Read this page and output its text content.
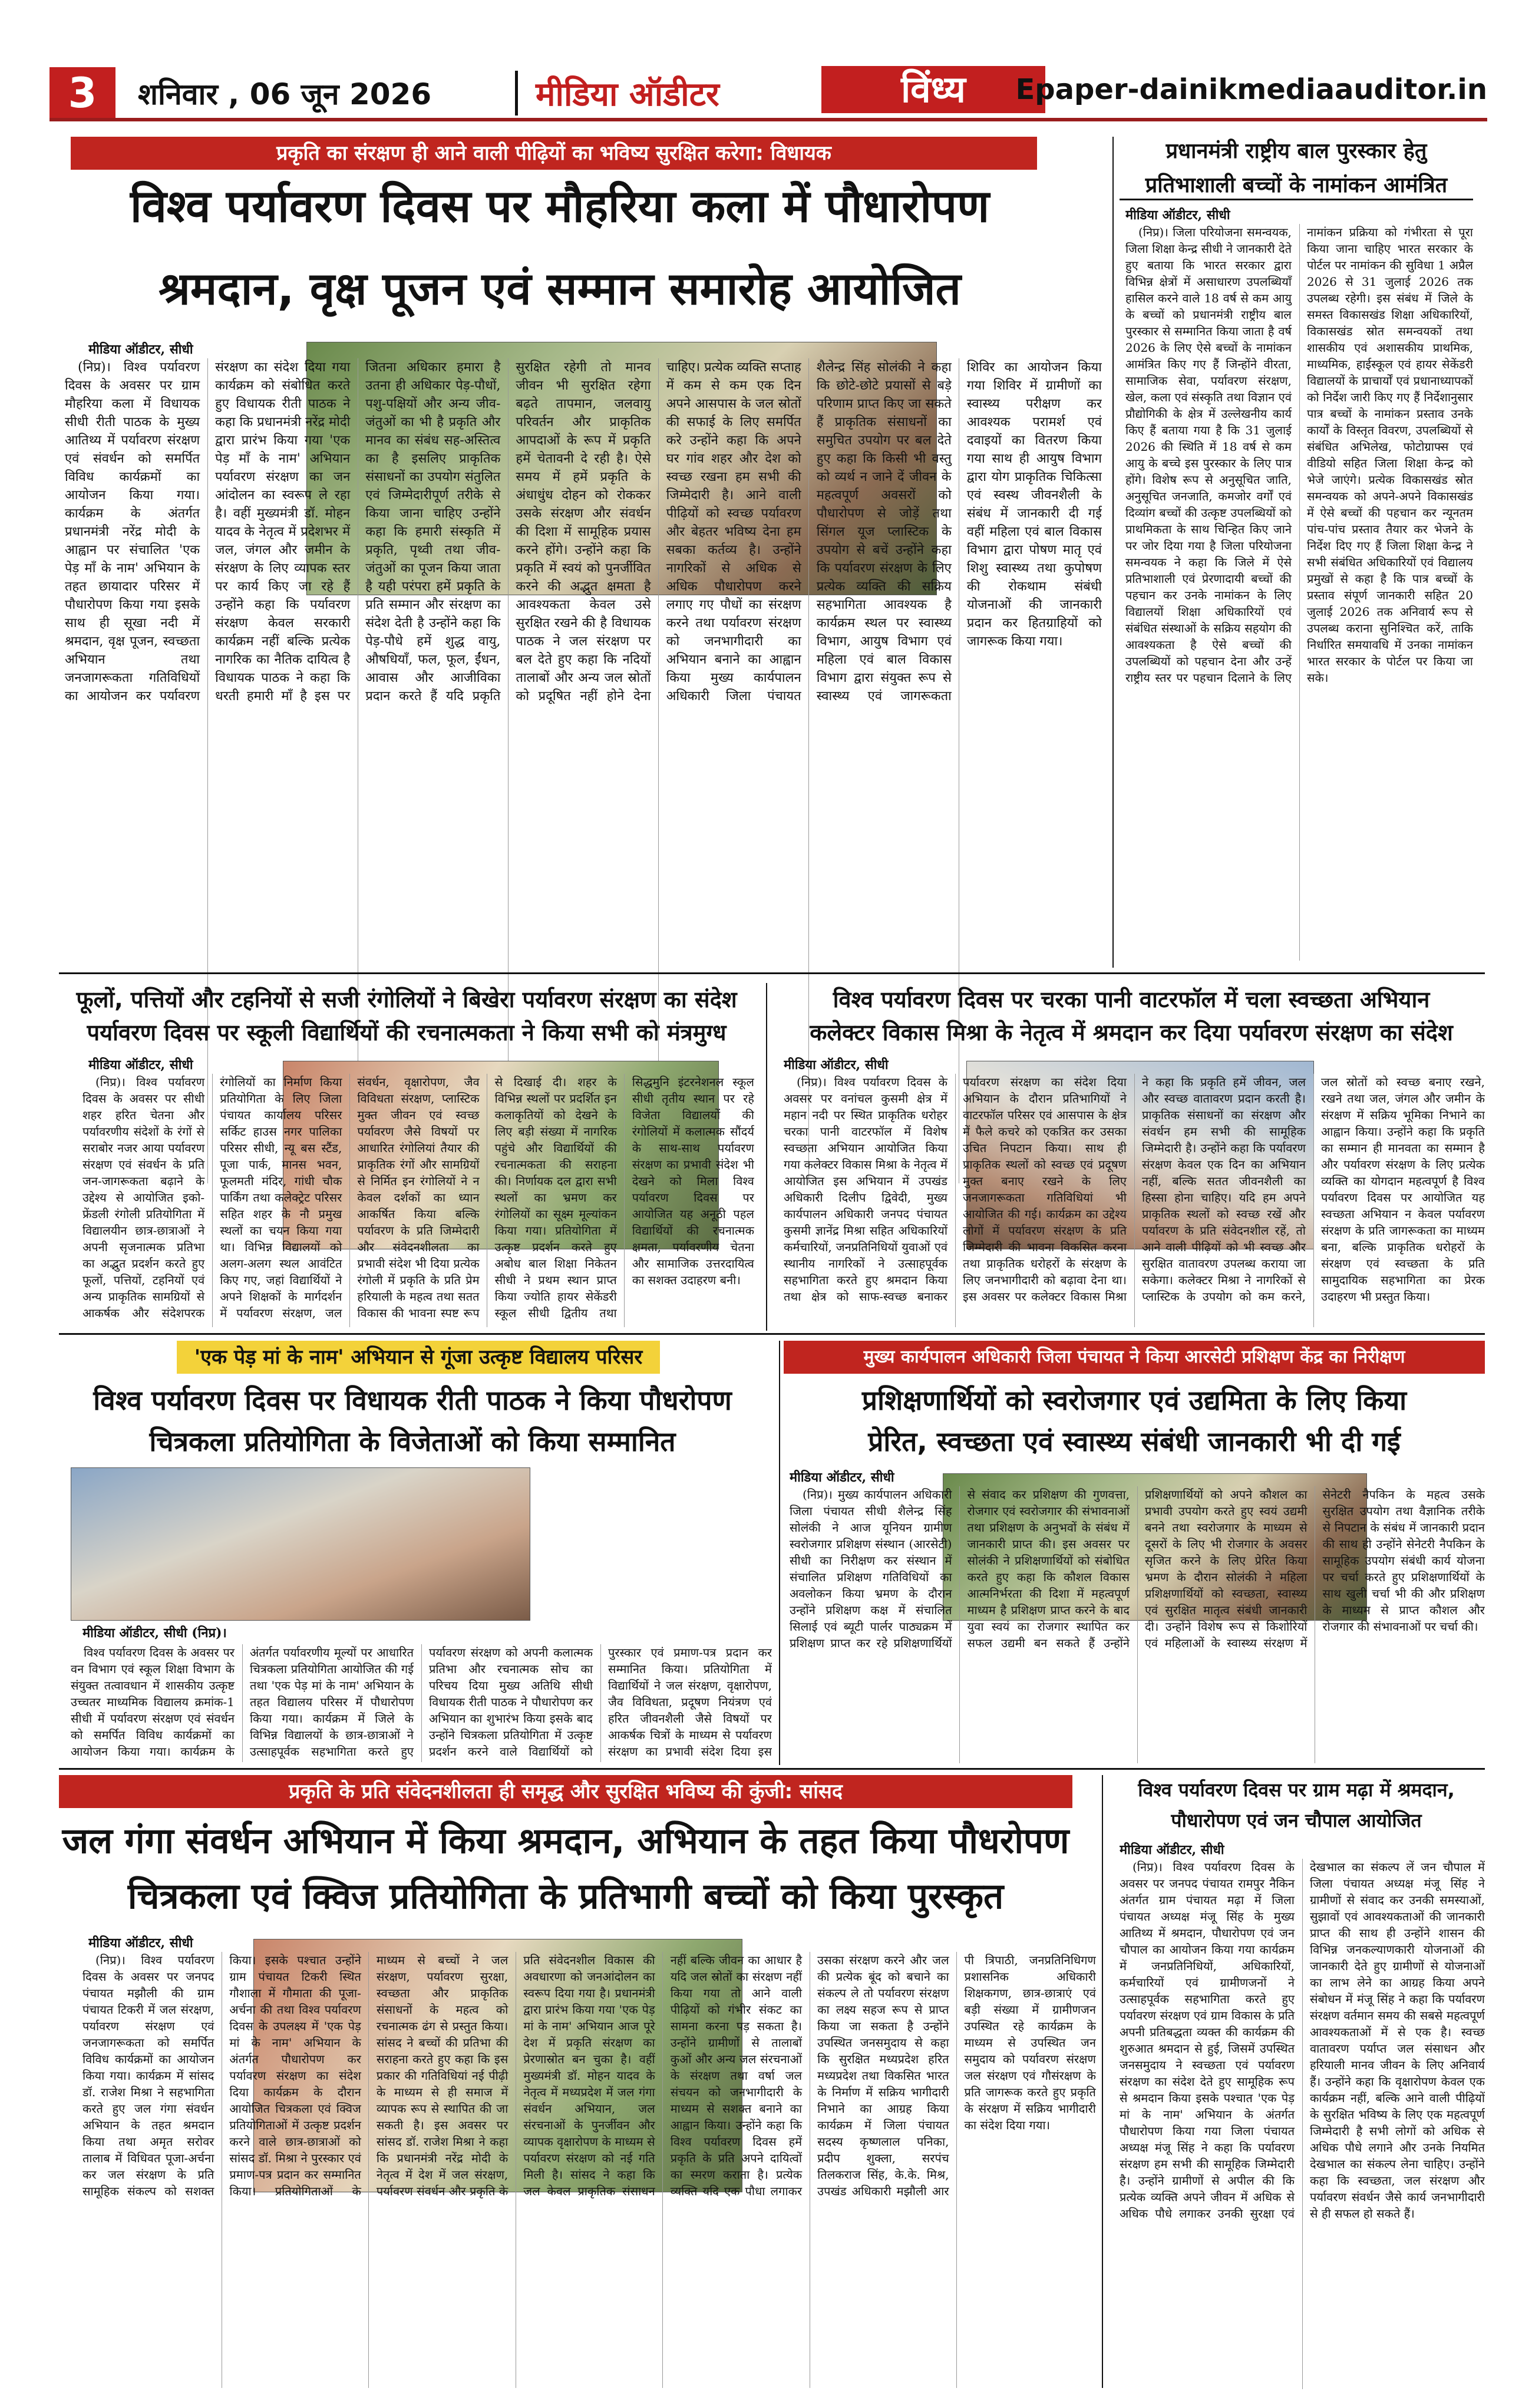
3	शनिवार , 06 जून 2026	मीडिया ऑडीटर	विंध्य	Epaper-dainikmediaauditor.in
प्रकृति का संरक्षण ही आने वाली पीढ़ियों का भविष्य सुरक्षित करेगा: विधायक
विश्व पर्यावरण दिवस पर मौहरिया कला में पौधारोपण
श्रमदान, वृक्ष पूजन एवं सम्मान समारोह आयोजित
मीडिया ऑडीटर, सीधी

(निप्र)। विश्व पर्यावरण दिवस के अवसर पर ग्राम मौहरिया कला में विधायक सीधी रीती पाठक के मुख्य आतिथ्य में पर्यावरण संरक्षण एवं संवर्धन को समर्पित विविध कार्यक्रमों का आयोजन किया गया। कार्यक्रम के अंतर्गत प्रधानमंत्री नरेंद्र मोदी के आह्वान पर संचालित 'एक पेड़ माँ के नाम' अभियान के तहत छायादार परिसर में पौधारोपण किया गया इसके साथ ही सूखा नदी में श्रमदान, वृक्ष पूजन, स्वच्छता अभियान तथा जनजागरूकता गतिविधियों का आयोजन कर पर्यावरण संरक्षण का संदेश दिया गया कार्यक्रम को संबोधित करते हुए विधायक रीती पाठक ने कहा कि प्रधानमंत्री नरेंद्र मोदी द्वारा प्रारंभ किया गया 'एक पेड़ माँ के नाम' अभियान पर्यावरण संरक्षण का जन आंदोलन का स्वरूप ले रहा है। वहीं मुख्यमंत्री डॉ. मोहन यादव के नेतृत्व में प्रदेशभर में जल, जंगल और जमीन के संरक्षण के लिए व्यापक स्तर पर कार्य किए जा रहे हैं उन्होंने कहा कि पर्यावरण संरक्षण केवल सरकारी कार्यक्रम नहीं बल्कि प्रत्येक नागरिक का नैतिक दायित्व है विधायक पाठक ने कहा कि धरती हमारी माँ है इस पर जितना अधिकार हमारा है उतना ही अधिकार पेड़-पौधों, पशु-पक्षियों और अन्य जीव-जंतुओं का भी है प्रकृति और मानव का संबंध सह-अस्तित्व का है इसलिए प्राकृतिक संसाधनों का उपयोग संतुलित एवं जिम्मेदारीपूर्ण तरीके से किया जाना चाहिए उन्होंने कहा कि हमारी संस्कृति में प्रकृति, पृथ्वी तथा जीव-जंतुओं का पूजन किया जाता है यही परंपरा हमें प्रकृति के प्रति सम्मान और संरक्षण का संदेश देती है उन्होंने कहा कि पेड़-पौधे हमें शुद्ध वायु, औषधियाँ, फल, फूल, ईंधन, आवास और आजीविका प्रदान करते हैं यदि प्रकृति सुरक्षित रहेगी तो मानव जीवन भी सुरक्षित रहेगा बढ़ते तापमान, जलवायु परिवर्तन और प्राकृतिक आपदाओं के रूप में प्रकृति हमें चेतावनी दे रही है। ऐसे समय में हमें प्रकृति के अंधाधुंध दोहन को रोककर उसके संरक्षण और संवर्धन की दिशा में सामूहिक प्रयास करने होंगे। उन्होंने कहा कि प्रकृति में स्वयं को पुनर्जीवित करने की अद्भुत क्षमता है आवश्यकता केवल उसे सुरक्षित रखने की है विधायक पाठक ने जल संरक्षण पर बल देते हुए कहा कि नदियों तालाबों और अन्य जल स्रोतों को प्रदूषित नहीं होने देना चाहिए। प्रत्येक व्यक्ति सप्ताह में कम से कम एक दिन अपने आसपास के जल स्रोतों की सफाई के लिए समर्पित करे उन्होंने कहा कि अपने घर गांव शहर और देश को स्वच्छ रखना हम सभी की जिम्मेदारी है। आने वाली पीढ़ियों को स्वच्छ पर्यावरण और बेहतर भविष्य देना हम सबका कर्तव्य है। उन्होंने नागरिकों से अधिक से अधिक पौधारोपण करने लगाए गए पौधों का संरक्षण करने तथा पर्यावरण संरक्षण को जनभागीदारी का अभियान बनाने का आह्वान किया मुख्य कार्यपालन अधिकारी जिला पंचायत शैलेन्द्र सिंह सोलंकी ने कहा कि छोटे-छोटे प्रयासों से बड़े परिणाम प्राप्त किए जा सकते हैं प्राकृतिक संसाधनों का समुचित उपयोग पर बल देते हुए कहा कि किसी भी वस्तु को व्यर्थ न जाने दें जीवन के महत्वपूर्ण अवसरों को पौधारोपण से जोड़ें तथा सिंगल यूज प्लास्टिक के उपयोग से बचें उन्होंने कहा कि पर्यावरण संरक्षण के लिए प्रत्येक व्यक्ति की सक्रिय सहभागिता आवश्यक है कार्यक्रम स्थल पर स्वास्थ्य विभाग, आयुष विभाग एवं महिला एवं बाल विकास विभाग द्वारा संयुक्त रूप से स्वास्थ्य एवं जागरूकता शिविर का आयोजन किया गया शिविर में ग्रामीणों का स्वास्थ्य परीक्षण कर आवश्यक परामर्श एवं दवाइयों का वितरण किया गया साथ ही आयुष विभाग द्वारा योग प्राकृतिक चिकित्सा एवं स्वस्थ जीवनशैली के संबंध में जानकारी दी गई वहीं महिला एवं बाल विकास विभाग द्वारा पोषण मातृ एवं शिशु स्वास्थ्य तथा कुपोषण की रोकथाम संबंधी योजनाओं की जानकारी प्रदान कर हितग्राहियों को जागरूक किया गया।

प्रधानमंत्री राष्ट्रीय बाल पुरस्कार हेतु
प्रतिभाशाली बच्चों के नामांकन आमंत्रित
मीडिया ऑडीटर, सीधी

(निप्र)। जिला परियोजना समन्वयक, जिला शिक्षा केन्द्र सीधी ने जानकारी देते हुए बताया कि भारत सरकार द्वारा विभिन्न क्षेत्रों में असाधारण उपलब्धियाँ हासिल करने वाले 18 वर्ष से कम आयु के बच्चों को प्रधानमंत्री राष्ट्रीय बाल पुरस्कार से सम्मानित किया जाता है वर्ष 2026 के लिए ऐसे बच्चों के नामांकन आमंत्रित किए गए हैं जिन्होंने वीरता, सामाजिक सेवा, पर्यावरण संरक्षण, खेल, कला एवं संस्कृति तथा विज्ञान एवं प्रौद्योगिकी के क्षेत्र में उल्लेखनीय कार्य किए हैं बताया गया है कि 31 जुलाई 2026 की स्थिति में 18 वर्ष से कम आयु के बच्चे इस पुरस्कार के लिए पात्र होंगे। विशेष रूप से अनुसूचित जाति, अनुसूचित जनजाति, कमजोर वर्गों एवं दिव्यांग बच्चों की उत्कृष्ट उपलब्धियों को प्राथमिकता के साथ चिन्हित किए जाने पर जोर दिया गया है जिला परियोजना समन्वयक ने कहा कि जिले में ऐसे प्रतिभाशाली एवं प्रेरणादायी बच्चों की पहचान कर उनके नामांकन के लिए विद्यालयों शिक्षा अधिकारियों एवं संबंधित संस्थाओं के सक्रिय सहयोग की आवश्यकता है ऐसे बच्चों की उपलब्धियों को पहचान देना और उन्हें राष्ट्रीय स्तर पर पहचान दिलाने के लिए नामांकन प्रक्रिया को गंभीरता से पूरा किया जाना चाहिए भारत सरकार के पोर्टल पर नामांकन की सुविधा 1 अप्रैल 2026 से 31 जुलाई 2026 तक उपलब्ध रहेगी। इस संबंध में जिले के समस्त विकासखंड शिक्षा अधिकारियों, विकासखंड स्रोत समन्वयकों तथा शासकीय एवं अशासकीय प्राथमिक, माध्यमिक, हाईस्कूल एवं हायर सेकेंडरी विद्यालयों के प्राचार्यों एवं प्रधानाध्यापकों को निर्देश जारी किए गए हैं निर्देशानुसार पात्र बच्चों के नामांकन प्रस्ताव उनके कार्यों के विस्तृत विवरण, उपलब्धियों से संबंधित अभिलेख, फोटोग्राफ्स एवं वीडियो सहित जिला शिक्षा केन्द्र को भेजे जाएंगे। प्रत्येक विकासखंड स्रोत समन्वयक को अपने-अपने विकासखंड में ऐसे बच्चों की पहचान कर न्यूनतम पांच-पांच प्रस्ताव तैयार कर भेजने के निर्देश दिए गए हैं जिला शिक्षा केन्द्र ने सभी संबंधित अधिकारियों एवं विद्यालय प्रमुखों से कहा है कि पात्र बच्चों के प्रस्ताव संपूर्ण जानकारी सहित 20 जुलाई 2026 तक अनिवार्य रूप से उपलब्ध कराना सुनिश्चित करें, ताकि निर्धारित समयावधि में उनका नामांकन भारत सरकार के पोर्टल पर किया जा सके।

फूलों, पत्तियों और टहनियों से सजी रंगोलियों ने बिखेरा पर्यावरण संरक्षण का संदेश
पर्यावरण दिवस पर स्कूली विद्यार्थियों की रचनात्मकता ने किया सभी को मंत्रमुग्ध
मीडिया ऑडीटर, सीधी

(निप्र)। विश्व पर्यावरण दिवस के अवसर पर सीधी शहर हरित चेतना और पर्यावरणीय संदेशों के रंगों से सराबोर नजर आया पर्यावरण संरक्षण एवं संवर्धन के प्रति जन-जागरूकता बढ़ाने के उद्देश्य से आयोजित इको-फ्रेंडली रंगोली प्रतियोगिता में विद्यालयीन छात्र-छात्राओं ने अपनी सृजनात्मक प्रतिभा का अद्भुत प्रदर्शन करते हुए फूलों, पत्तियों, टहनियों एवं अन्य प्राकृतिक सामग्रियों से आकर्षक और संदेशपरक रंगोलियों का निर्माण किया प्रतियोगिता के लिए जिला पंचायत कार्यालय परिसर सर्किट हाउस नगर पालिका परिसर सीधी, न्यू बस स्टैंड, पूजा पार्क, मानस भवन, फूलमती मंदिर, गांधी चौक पार्किंग तथा कलेक्ट्रेट परिसर सहित शहर के नौ प्रमुख स्थलों का चयन किया गया था। विभिन्न विद्यालयों को अलग-अलग स्थल आवंटित किए गए, जहां विद्यार्थियों ने अपने शिक्षकों के मार्गदर्शन में पर्यावरण संरक्षण, जल संवर्धन, वृक्षारोपण, जैव विविधता संरक्षण, प्लास्टिक मुक्त जीवन एवं स्वच्छ पर्यावरण जैसे विषयों पर आधारित रंगोलियां तैयार की प्राकृतिक रंगों और सामग्रियों से निर्मित इन रंगोलियों ने न केवल दर्शकों का ध्यान आकर्षित किया बल्कि पर्यावरण के प्रति जिम्मेदारी और संवेदनशीलता का प्रभावी संदेश भी दिया प्रत्येक रंगोली में प्रकृति के प्रति प्रेम हरियाली के महत्व तथा सतत विकास की भावना स्पष्ट रूप से दिखाई दी। शहर के विभिन्न स्थलों पर प्रदर्शित इन कलाकृतियों को देखने के लिए बड़ी संख्या में नागरिक पहुंचे और विद्यार्थियों की रचनात्मकता की सराहना की। निर्णायक दल द्वारा सभी स्थलों का भ्रमण कर रंगोलियों का सूक्ष्म मूल्यांकन किया गया। प्रतियोगिता में उत्कृष्ट प्रदर्शन करते हुए अबोध बाल शिक्षा निकेतन सीधी ने प्रथम स्थान प्राप्त किया ज्योति हायर सेकेंडरी स्कूल सीधी द्वितीय तथा सिद्धमुनि इंटरनेशनल स्कूल सीधी तृतीय स्थान पर रहे विजेता विद्यालयों की रंगोलियों में कलात्मक सौंदर्य के साथ-साथ पर्यावरण संरक्षण का प्रभावी संदेश भी देखने को मिला विश्व पर्यावरण दिवस पर आयोजित यह अनूठी पहल विद्यार्थियों की रचनात्मक क्षमता, पर्यावरणीय चेतना और सामाजिक उत्तरदायित्व का सशक्त उदाहरण बनी।

विश्व पर्यावरण दिवस पर चरका पानी वाटरफॉल में चला स्वच्छता अभियान
कलेक्टर विकास मिश्रा के नेतृत्व में श्रमदान कर दिया पर्यावरण संरक्षण का संदेश
मीडिया ऑडीटर, सीधी

(निप्र)। विश्व पर्यावरण दिवस के अवसर पर वनांचल कुसमी क्षेत्र में महान नदी पर स्थित प्राकृतिक धरोहर चरका पानी वाटरफॉल में विशेष स्वच्छता अभियान आयोजित किया गया कलेक्टर विकास मिश्रा के नेतृत्व में आयोजित इस अभियान में उपखंड अधिकारी दिलीप द्विवेदी, मुख्य कार्यपालन अधिकारी जनपद पंचायत कुसमी ज्ञानेंद्र मिश्रा सहित अधिकारियों कर्मचारियों, जनप्रतिनिधियों युवाओं एवं स्थानीय नागरिकों ने उत्साहपूर्वक सहभागिता करते हुए श्रमदान किया तथा क्षेत्र को साफ-स्वच्छ बनाकर पर्यावरण संरक्षण का संदेश दिया अभियान के दौरान प्रतिभागियों ने वाटरफॉल परिसर एवं आसपास के क्षेत्र में फैले कचरे को एकत्रित कर उसका उचित निपटान किया। साथ ही प्राकृतिक स्थलों को स्वच्छ एवं प्रदूषण मुक्त बनाए रखने के लिए जनजागरूकता गतिविधियां भी आयोजित की गई। कार्यक्रम का उद्देश्य लोगों में पर्यावरण संरक्षण के प्रति जिम्मेदारी की भावना विकसित करना तथा प्राकृतिक धरोहरों के संरक्षण के लिए जनभागीदारी को बढ़ावा देना था। इस अवसर पर कलेक्टर विकास मिश्रा ने कहा कि प्रकृति हमें जीवन, जल और स्वच्छ वातावरण प्रदान करती है। प्राकृतिक संसाधनों का संरक्षण और संवर्धन हम सभी की सामूहिक जिम्मेदारी है। उन्होंने कहा कि पर्यावरण संरक्षण केवल एक दिन का अभियान नहीं, बल्कि सतत जीवनशैली का हिस्सा होना चाहिए। यदि हम अपने प्राकृतिक स्थलों को स्वच्छ रखें और पर्यावरण के प्रति संवेदनशील रहें, तो आने वाली पीढ़ियों को भी स्वच्छ और सुरक्षित वातावरण उपलब्ध कराया जा सकेगा। कलेक्टर मिश्रा ने नागरिकों से प्लास्टिक के उपयोग को कम करने, जल स्रोतों को स्वच्छ बनाए रखने, रखने तथा जल, जंगल और जमीन के संरक्षण में सक्रिय भूमिका निभाने का आह्वान किया। उन्होंने कहा कि प्रकृति का सम्मान ही मानवता का सम्मान है और पर्यावरण संरक्षण के लिए प्रत्येक व्यक्ति का योगदान महत्वपूर्ण है विश्व पर्यावरण दिवस पर आयोजित यह स्वच्छता अभियान न केवल पर्यावरण संरक्षण के प्रति जागरूकता का माध्यम बना, बल्कि प्राकृतिक धरोहरों के संरक्षण एवं स्वच्छता के प्रति सामुदायिक सहभागिता का प्रेरक उदाहरण भी प्रस्तुत किया।

'एक पेड़ मां के नाम' अभियान से गूंजा उत्कृष्ट विद्यालय परिसर
विश्व पर्यावरण दिवस पर विधायक रीती पाठक ने किया पौधरोपण
चित्रकला प्रतियोगिता के विजेताओं को किया सम्मानित
मीडिया ऑडीटर, सीधी (निप्र)।

विश्व पर्यावरण दिवस के अवसर पर वन विभाग एवं स्कूल शिक्षा विभाग के संयुक्त तत्वावधान में शासकीय उत्कृष्ट उच्चतर माध्यमिक विद्यालय क्रमांक-1 सीधी में पर्यावरण संरक्षण एवं संवर्धन को समर्पित विविध कार्यक्रमों का आयोजन किया गया। कार्यक्रम के अंतर्गत पर्यावरणीय मूल्यों पर आधारित चित्रकला प्रतियोगिता आयोजित की गई तथा 'एक पेड़ मां के नाम' अभियान के तहत विद्यालय परिसर में पौधारोपण किया गया। कार्यक्रम में जिले के विभिन्न विद्यालयों के छात्र-छात्राओं ने उत्साहपूर्वक सहभागिता करते हुए पर्यावरण संरक्षण को अपनी कलात्मक प्रतिभा और रचनात्मक सोच का परिचय दिया मुख्य अतिथि सीधी विधायक रीती पाठक ने पौधारोपण कर अभियान का शुभारंभ किया इसके बाद उन्होंने चित्रकला प्रतियोगिता में उत्कृष्ट प्रदर्शन करने वाले विद्यार्थियों को पुरस्कार एवं प्रमाण-पत्र प्रदान कर सम्मानित किया। प्रतियोगिता में विद्यार्थियों ने जल संरक्षण, वृक्षारोपण, जैव विविधता, प्रदूषण नियंत्रण एवं हरित जीवनशैली जैसे विषयों पर आकर्षक चित्रों के माध्यम से पर्यावरण संरक्षण का प्रभावी संदेश दिया इस

मुख्य कार्यपालन अधिकारी जिला पंचायत ने किया आरसेटी प्रशिक्षण केंद्र का निरीक्षण
प्रशिक्षणार्थियों को स्वरोजगार एवं उद्यमिता के लिए किया
प्रेरित, स्वच्छता एवं स्वास्थ्य संबंधी जानकारी भी दी गई
मीडिया ऑडीटर, सीधी

(निप्र)। मुख्य कार्यपालन अधिकारी जिला पंचायत सीधी शैलेन्द्र सिंह सोलंकी ने आज यूनियन ग्रामीण स्वरोजगार प्रशिक्षण संस्थान (आरसेटी) सीधी का निरीक्षण कर संस्थान में संचालित प्रशिक्षण गतिविधियों का अवलोकन किया भ्रमण के दौरान उन्होंने प्रशिक्षण कक्ष में संचालित सिलाई एवं ब्यूटी पार्लर पाठ्यक्रम में प्रशिक्षण प्राप्त कर रहे प्रशिक्षणार्थियों से संवाद कर प्रशिक्षण की गुणवत्ता, रोजगार एवं स्वरोजगार की संभावनाओं तथा प्रशिक्षण के अनुभवों के संबंध में जानकारी प्राप्त की। इस अवसर पर सोलंकी ने प्रशिक्षणार्थियों को संबोधित करते हुए कहा कि कौशल विकास आत्मनिर्भरता की दिशा में महत्वपूर्ण माध्यम है प्रशिक्षण प्राप्त करने के बाद युवा स्वयं का रोजगार स्थापित कर सफल उद्यमी बन सकते हैं उन्होंने प्रशिक्षणार्थियों को अपने कौशल का प्रभावी उपयोग करते हुए स्वयं उद्यमी बनने तथा स्वरोजगार के माध्यम से दूसरों के लिए भी रोजगार के अवसर सृजित करने के लिए प्रेरित किया भ्रमण के दौरान सोलंकी ने महिला प्रशिक्षणार्थियों को स्वच्छता, स्वास्थ्य एवं सुरक्षित मातृत्व संबंधी जानकारी दी। उन्होंने विशेष रूप से किशोरियों एवं महिलाओं के स्वास्थ्य संरक्षण में सेनेटरी नैपकिन के महत्व उसके सुरक्षित उपयोग तथा वैज्ञानिक तरीके से निपटान के संबंध में जानकारी प्रदान की साथ ही उन्होंने सेनेटरी नैपकिन के सामूहिक उपयोग संबंधी कार्य योजना पर चर्चा करते हुए प्रशिक्षणार्थियों के साथ खुली चर्चा भी की और प्रशिक्षण के माध्यम से प्राप्त कौशल और रोजगार की संभावनाओं पर चर्चा की।

प्रकृति के प्रति संवेदनशीलता ही समृद्ध और सुरक्षित भविष्य की कुंजी: सांसद
जल गंगा संवर्धन अभियान में किया श्रमदान, अभियान के तहत किया पौधरोपण
चित्रकला एवं क्विज प्रतियोगिता के प्रतिभागी बच्चों को किया पुरस्कृत
मीडिया ऑडीटर, सीधी

(निप्र)। विश्व पर्यावरण दिवस के अवसर पर जनपद पंचायत मझौली की ग्राम पंचायत टिकरी में जल संरक्षण, पर्यावरण संरक्षण एवं जनजागरूकता को समर्पित विविध कार्यक्रमों का आयोजन किया गया। कार्यक्रम में सांसद डॉ. राजेश मिश्रा ने सहभागिता करते हुए जल गंगा संवर्धन अभियान के तहत श्रमदान किया तथा अमृत सरोवर तालाब में विधिवत पूजा-अर्चना कर जल संरक्षण के प्रति सामूहिक संकल्प को सशक्त किया। इसके पश्चात उन्होंने ग्राम पंचायत टिकरी स्थित गौशाला में गौमाता की पूजा-अर्चना की तथा विश्व पर्यावरण दिवस के उपलक्ष्य में 'एक पेड़ मां के नाम' अभियान के अंतर्गत पौधारोपण कर पर्यावरण संरक्षण का संदेश दिया कार्यक्रम के दौरान आयोजित चित्रकला एवं क्विज प्रतियोगिताओं में उत्कृष्ट प्रदर्शन करने वाले छात्र-छात्राओं को सांसद डॉ. मिश्रा ने पुरस्कार एवं प्रमाण-पत्र प्रदान कर सम्मानित किया। प्रतियोगिताओं के माध्यम से बच्चों ने जल संरक्षण, पर्यावरण सुरक्षा, स्वच्छता और प्राकृतिक संसाधनों के महत्व को रचनात्मक ढंग से प्रस्तुत किया। सांसद ने बच्चों की प्रतिभा की सराहना करते हुए कहा कि इस प्रकार की गतिविधियां नई पीढ़ी के माध्यम से ही समाज में व्यापक रूप से स्थापित की जा सकती है। इस अवसर पर सांसद डॉ. राजेश मिश्रा ने कहा कि प्रधानमंत्री नरेंद्र मोदी के नेतृत्व में देश में जल संरक्षण, पर्यावरण संवर्धन और प्रकृति के प्रति संवेदनशील विकास की अवधारणा को जनआंदोलन का स्वरूप दिया गया है। प्रधानमंत्री द्वारा प्रारंभ किया गया 'एक पेड़ मां के नाम' अभियान आज पूरे देश में प्रकृति संरक्षण का प्रेरणास्रोत बन चुका है। वहीं मुख्यमंत्री डॉ. मोहन यादव के नेतृत्व में मध्यप्रदेश में जल गंगा संवर्धन अभियान, जल संरचनाओं के पुनर्जीवन और व्यापक वृक्षारोपण के माध्यम से पर्यावरण संरक्षण को नई गति मिली है। सांसद ने कहा कि जल केवल प्राकृतिक संसाधन नहीं बल्कि जीवन का आधार है यदि जल स्रोतों का संरक्षण नहीं किया गया तो आने वाली पीढ़ियों को गंभीर संकट का सामना करना पड़ सकता है। उन्होंने ग्रामीणों से तालाबों कुओं और अन्य जल संरचनाओं के संरक्षण तथा वर्षा जल संचयन को जनभागीदारी के माध्यम से सशक्त बनाने का आह्वान किया। उन्होंने कहा कि विश्व पर्यावरण दिवस हमें प्रकृति के प्रति अपने दायित्वों का स्मरण कराता है। प्रत्येक व्यक्ति यदि एक पौधा लगाकर उसका संरक्षण करने और जल की प्रत्येक बूंद को बचाने का संकल्प ले तो पर्यावरण संरक्षण का लक्ष्य सहज रूप से प्राप्त किया जा सकता है उन्होंने उपस्थित जनसमुदाय से कहा कि सुरक्षित मध्यप्रदेश हरित मध्यप्रदेश तथा विकसित भारत के निर्माण में सक्रिय भागीदारी निभाने का आग्रह किया कार्यक्रम में जिला पंचायत सदस्य कृष्णलाल पनिका, प्रदीप शुक्ला, सरपंच तिलकराज सिंह, के.के. मिश्र, उपखंड अधिकारी मझौली आर पी त्रिपाठी, जनप्रतिनिधिगण प्रशासनिक अधिकारी शिक्षकगण, छात्र-छात्राएं एवं बड़ी संख्या में ग्रामीणजन उपस्थित रहे कार्यक्रम के माध्यम से उपस्थित जन समुदाय को पर्यावरण संरक्षण जल संरक्षण एवं गौसंरक्षण के प्रति जागरूक करते हुए प्रकृति के संरक्षण में सक्रिय भागीदारी का संदेश दिया गया।

विश्व पर्यावरण दिवस पर ग्राम मढ़ा में श्रमदान,
पौधारोपण एवं जन चौपाल आयोजित
मीडिया ऑडीटर, सीधी

(निप्र)। विश्व पर्यावरण दिवस के अवसर पर जनपद पंचायत रामपुर नैकिन अंतर्गत ग्राम पंचायत मढ़ा में जिला पंचायत अध्यक्ष मंजू सिंह के मुख्य आतिथ्य में श्रमदान, पौधारोपण एवं जन चौपाल का आयोजन किया गया कार्यक्रम में जनप्रतिनिधियों, अधिकारियों, कर्मचारियों एवं ग्रामीणजनों ने उत्साहपूर्वक सहभागिता करते हुए पर्यावरण संरक्षण एवं ग्राम विकास के प्रति अपनी प्रतिबद्धता व्यक्त की कार्यक्रम की शुरुआत श्रमदान से हुई, जिसमें उपस्थित जनसमुदाय ने स्वच्छता एवं पर्यावरण संरक्षण का संदेश देते हुए सामूहिक रूप से श्रमदान किया इसके पश्चात 'एक पेड़ मां के नाम' अभियान के अंतर्गत पौधारोपण किया गया जिला पंचायत अध्यक्ष मंजू सिंह ने कहा कि पर्यावरण संरक्षण हम सभी की सामूहिक जिम्मेदारी है। उन्होंने ग्रामीणों से अपील की कि प्रत्येक व्यक्ति अपने जीवन में अधिक से अधिक पौधे लगाकर उनकी सुरक्षा एवं देखभाल का संकल्प लें जन चौपाल में जिला पंचायत अध्यक्ष मंजू सिंह ने ग्रामीणों से संवाद कर उनकी समस्याओं, सुझावों एवं आवश्यकताओं की जानकारी प्राप्त की साथ ही उन्होंने शासन की विभिन्न जनकल्याणकारी योजनाओं की जानकारी देते हुए ग्रामीणों से योजनाओं का लाभ लेने का आग्रह किया अपने संबोधन में मंजू सिंह ने कहा कि पर्यावरण संरक्षण वर्तमान समय की सबसे महत्वपूर्ण आवश्यकताओं में से एक है। स्वच्छ वातावरण पर्याप्त जल संसाधन और हरियाली मानव जीवन के लिए अनिवार्य हैं। उन्होंने कहा कि वृक्षारोपण केवल एक कार्यक्रम नहीं, बल्कि आने वाली पीढ़ियों के सुरक्षित भविष्य के लिए एक महत्वपूर्ण जिम्मेदारी है सभी लोगों को अधिक से अधिक पौधे लगाने और उनके नियमित देखभाल का संकल्प लेना चाहिए। उन्होंने कहा कि स्वच्छता, जल संरक्षण और पर्यावरण संवर्धन जैसे कार्य जनभागीदारी से ही सफल हो सकते हैं।
